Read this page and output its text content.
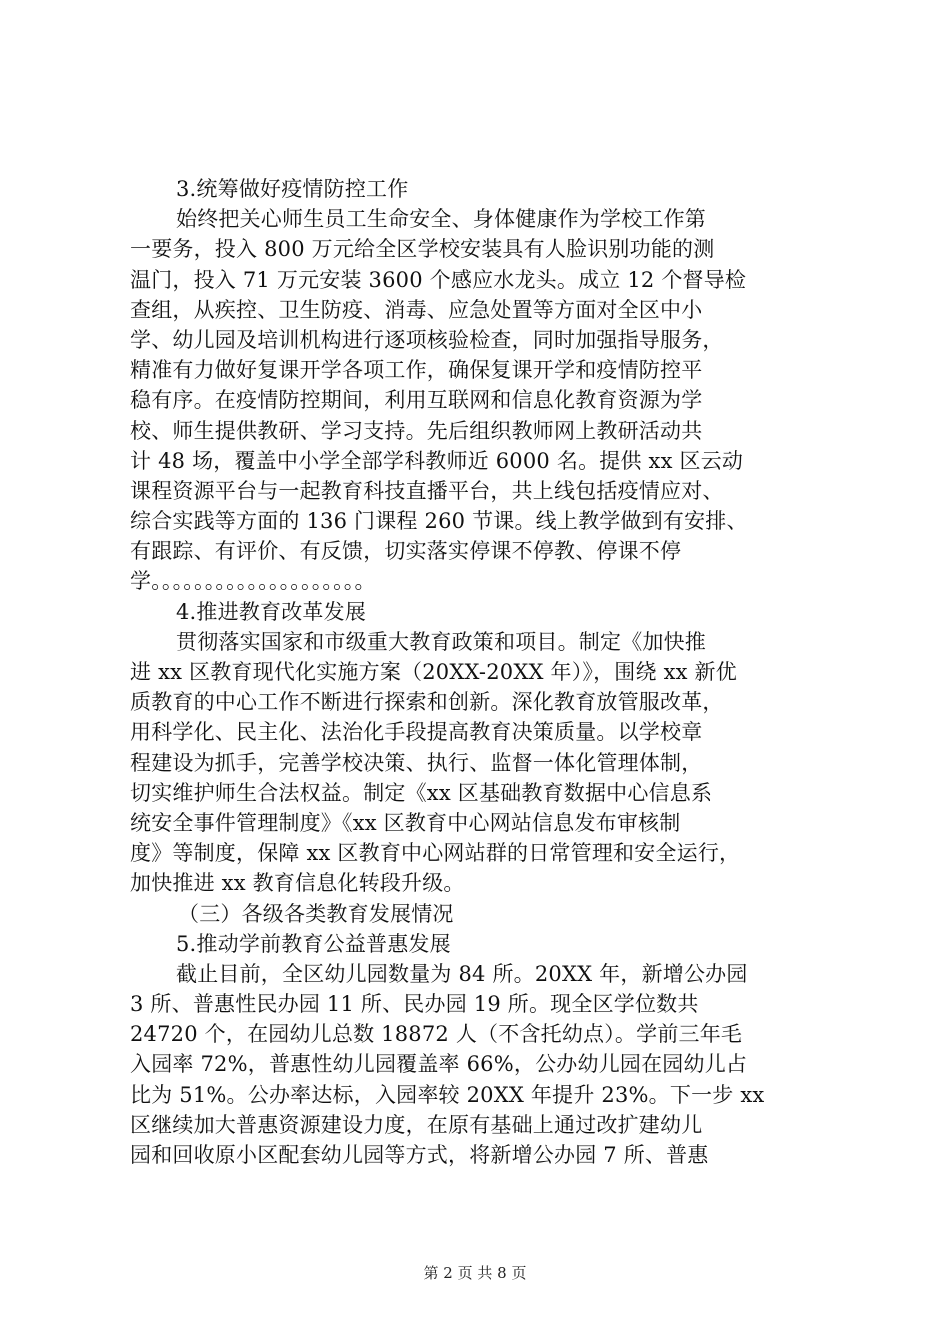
3.统筹做好疫情防控工作
始终把关心师生员工生命安全、身体健康作为学校工作第
一要务，投入 800 万元给全区学校安装具有人脸识别功能的测
温门，投入 71 万元安装 3600 个感应水龙头。成立 12 个督导检
查组，从疾控、卫生防疫、消毒、应急处置等方面对全区中小
学、幼儿园及培训机构进行逐项核验检查，同时加强指导服务，
精准有力做好复课开学各项工作，确保复课开学和疫情防控平
稳有序。在疫情防控期间，利用互联网和信息化教育资源为学
校、师生提供教研、学习支持。先后组织教师网上教研活动共
计 48 场，覆盖中小学全部学科教师近 6000 名。提供 xx 区云动
课程资源平台与一起教育科技直播平台，共上线包括疫情应对、
综合实践等方面的 136 门课程 260 节课。线上教学做到有安排、
有跟踪、有评价、有反馈，切实落实停课不停教、停课不停
学。。。。。。。。。。。。。。。。。。。。
4.推进教育改革发展
贯彻落实国家和市级重大教育政策和项目。制定《加快推
进 xx 区教育现代化实施方案（20XX-20XX 年）》，围绕 xx 新优
质教育的中心工作不断进行探索和创新。深化教育放管服改革，
用科学化、民主化、法治化手段提高教育决策质量。以学校章
程建设为抓手，完善学校决策、执行、监督一体化管理体制，
切实维护师生合法权益。制定《xx 区基础教育数据中心信息系
统安全事件管理制度》《xx 区教育中心网站信息发布审核制
度》等制度，保障 xx 区教育中心网站群的日常管理和安全运行，
加快推进 xx 教育信息化转段升级。
（三）各级各类教育发展情况
5.推动学前教育公益普惠发展
截止目前，全区幼儿园数量为 84 所。20XX 年，新增公办园
3 所、普惠性民办园 11 所、民办园 19 所。现全区学位数共
24720 个，在园幼儿总数 18872 人（不含托幼点）。学前三年毛
入园率 72%，普惠性幼儿园覆盖率 66%，公办幼儿园在园幼儿占
比为 51%。公办率达标，入园率较 20XX 年提升 23%。下一步 xx
区继续加大普惠资源建设力度，在原有基础上通过改扩建幼儿
园和回收原小区配套幼儿园等方式，将新增公办园 7 所、普惠
第 2 页 共 8 页
